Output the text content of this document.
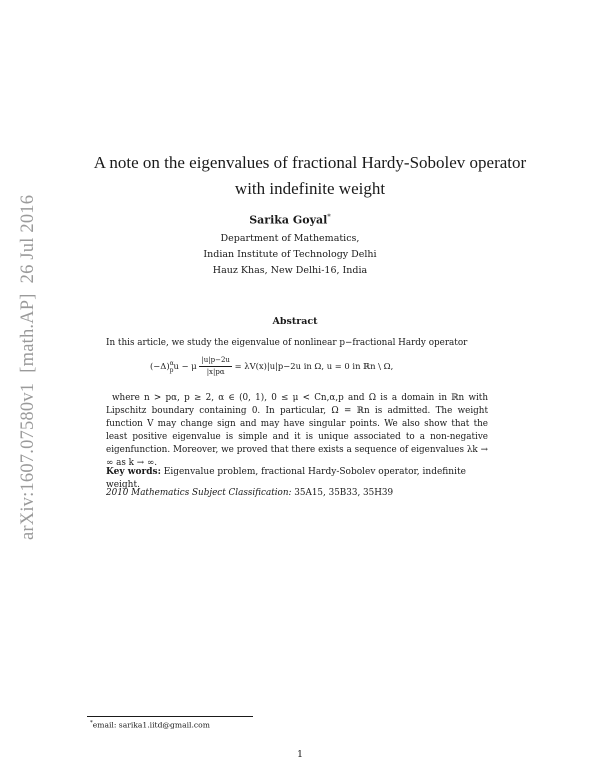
arXiv:1607.07580v1[math.AP]26 Jul 2016
A note on the eigenvalues of fractional Hardy-Sobolev operator
with indefinite weight
Sarika Goyal*
Department of Mathematics,
Indian Institute of Technology Delhi
Hauz Khas, New Delhi-16, India
Abstract
In this article, we study the eigenvalue of nonlinear p−fractional Hardy operator
$(-\Delta)^\alpha_pu - \mu \frac{|u|p-2u}{|x|p\alpha} = \lambda V(x)|u|p-2u$ in Ω, u = 0 in ℝn \ Ω,
where n > pα, p ≥ 2, α ∈ (0, 1), 0 ≤ μ < Cn,α,p and Ω is a domain in ℝn with Lipschitz boundary containing 0. In particular, Ω = ℝn is admitted. The weight function V may change sign and may have singular points. We also show that the least positive eigenvalue is simple and it is unique associated to a non-negative eigenfunction. Moreover, we proved that there exists a sequence of eigenvalues λk → ∞ as k → ∞.
Key words: Eigenvalue problem, fractional Hardy-Sobolev operator, indefinite weight.
2010 Mathematics Subject Classification: 35A15, 35B33, 35H39
*email: sarika1.iitd@gmail.com
1
